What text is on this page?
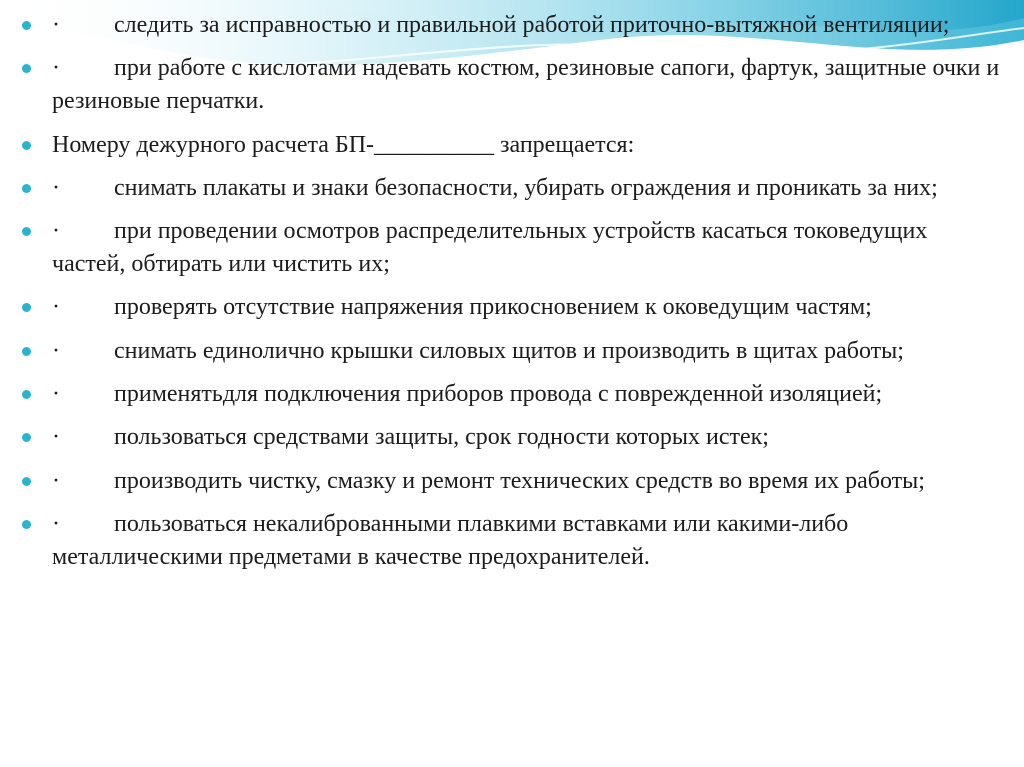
· следить за исправностью и правильной работой приточно-вытяжной вентиляции;
· при работе с кислотами надевать костюм, резиновые сапоги, фартук, защитные очки и резиновые перчатки.
Номеру дежурного расчета БП-__________ запрещается:
· снимать плакаты и знаки безопасности, убирать ограждения и проникать за них;
· при проведении осмотров распределительных устройств касаться токоведущих частей, обтирать или чистить их;
· проверять отсутствие напряжения прикосновением к оковедущим частям;
· снимать единолично крышки силовых щитов и производить в щитах работы;
· применятьдля подключения приборов провода с поврежденной изоляцией;
· пользоваться средствами защиты, срок годности которых истек;
· производить чистку, смазку и ремонт технических средств во время их работы;
· пользоваться некалиброванными плавкими вставками или какими-либо металлическими предметами в качестве предохранителей.
